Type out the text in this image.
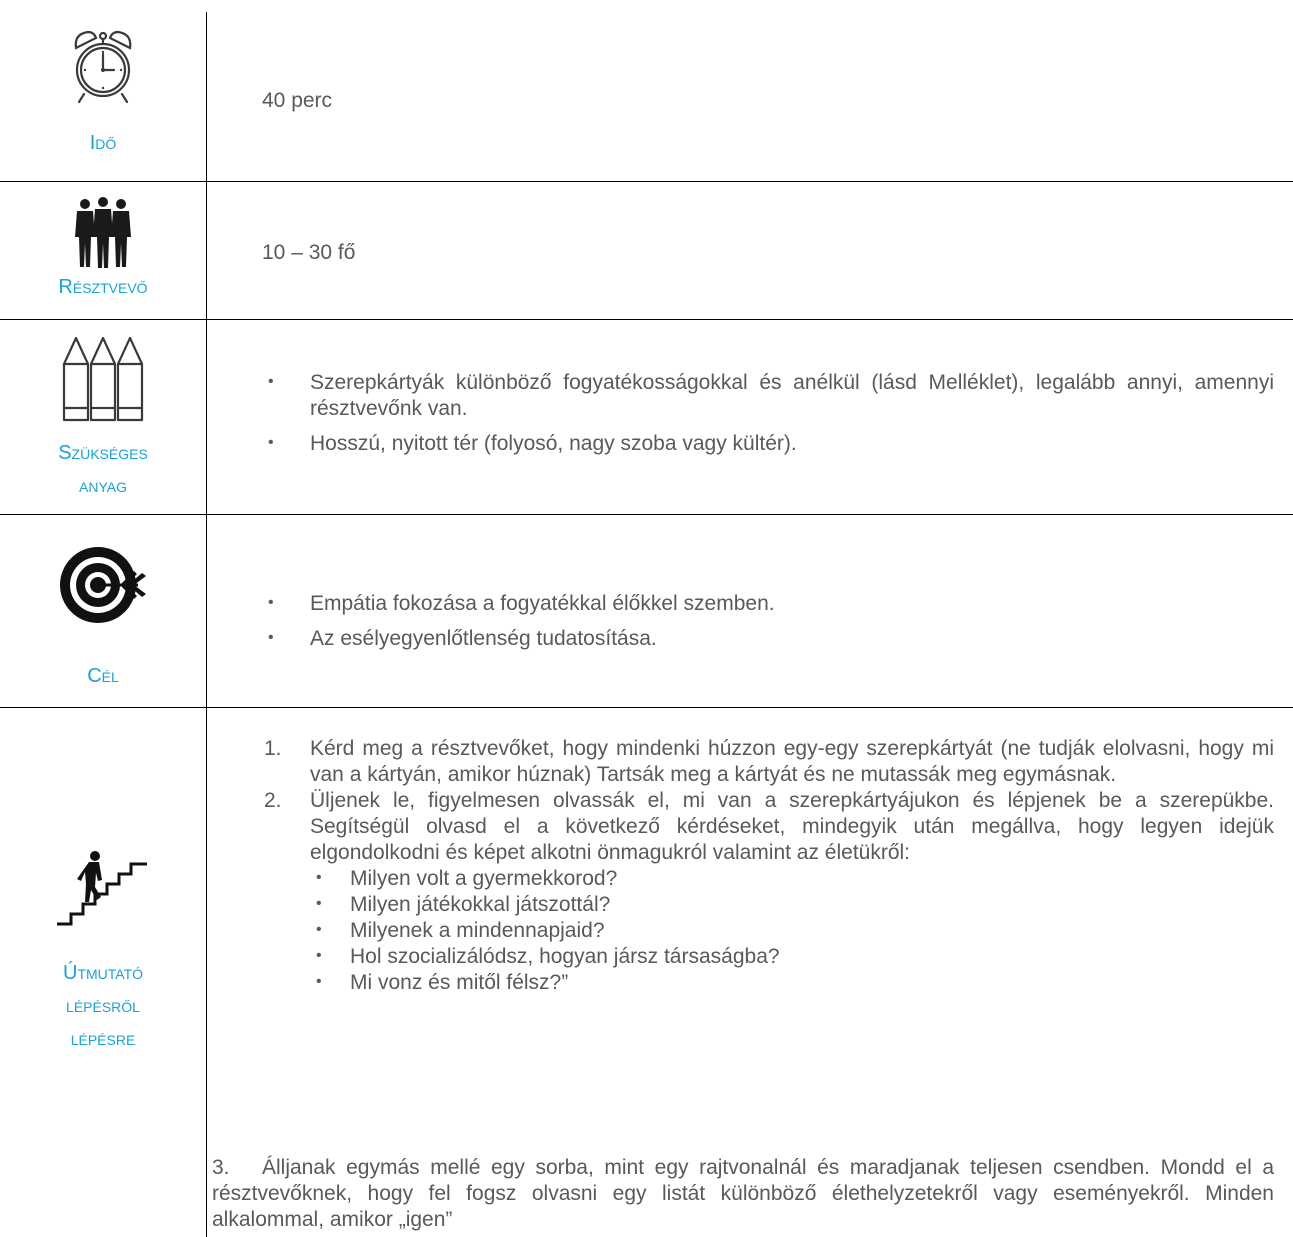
Idő
40 perc
Résztvevő
10 – 30 fő
Szükséges
anyag
• Szerepkártyák különböző fogyatékosságokkal és anélkül (lásd Melléklet), legalább annyi, amennyi résztvevőnk van.
• Hosszú, nyitott tér (folyosó, nagy szoba vagy kültér).
Cél
• Empátia fokozása a fogyatékkal élőkkel szemben.
• Az esélyegyenlőtlenség tudatosítása.
Útmutató
lépésről
lépésre
1. Kérd meg a résztvevőket, hogy mindenki húzzon egy-egy szerepkártyát (ne tudják elolvasni, hogy mi van a kártyán, amikor húznak) Tartsák meg a kártyát és ne mutassák meg egymásnak.
2. Üljenek le, figyelmesen olvassák el, mi van a szerepkártyájukon és lépjenek be a szerepükbe. Segítségül olvasd el a következő kérdéseket, mindegyik után megállva, hogy legyen idejük elgondolkodni és képet alkotni önmagukról valamint az életükről:
• Milyen volt a gyermekkorod?
• Milyen játékokkal játszottál?
• Milyenek a mindennapjaid?
• Hol szocializálódsz, hogyan jársz társaságba?
• Mi vonz és mitől félsz?”
3. Álljanak egymás mellé egy sorba, mint egy rajtvonalnál és maradjanak teljesen csendben. Mondd el a résztvevőknek, hogy fel fogsz olvasni egy listát különböző élethelyzetekről vagy eseményekről. Minden alkalommal, amikor „igen”
